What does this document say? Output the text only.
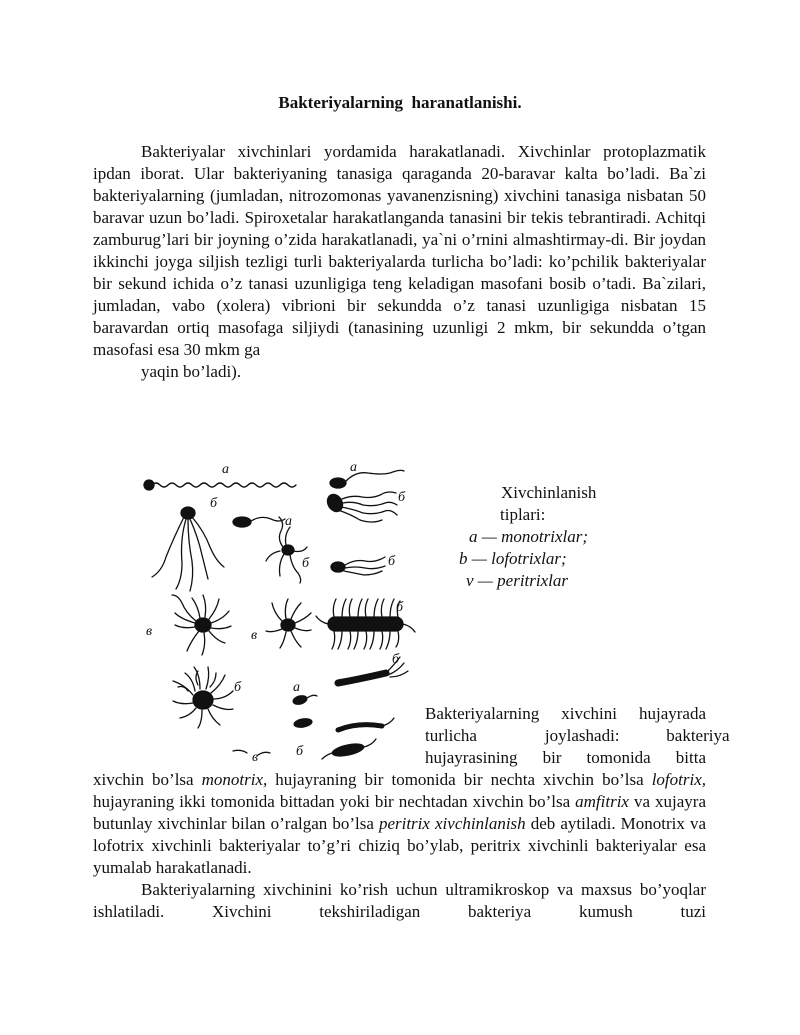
Bakteriyalarning  haranatlanishi.

Bakteriyalar xivchinlari yordamida harakatlanadi. Xivchinlar protoplazmatik ipdan iborat. Ular bakteriyaning tanasiga qaraganda 20-baravar kalta bo’ladi. Ba`zi bakteriyalarning (jumladan, nitrozomonas yavanenzisning) xivchini tanasiga nisbatan 50 baravar uzun bo’ladi. Spiroxetalar harakatlanganda tanasini bir tekis tebrantiradi. Achitqi zamburug’lari bir joyning o’zida harakatlanadi, ya`ni o’rnini almashtirmay-di. Bir joydan ikkinchi joyga siljish tezligi turli bakteriyalarda turlicha bo’ladi: ko’pchilik bakteriyalar bir sekund ichida o’z tanasi uzunligiga teng keladigan masofani bosib o’tadi. Ba`zilari, jumladan, vabo (xolera) vibrioni bir sekundda o’z tanasi uzunligiga nisbatan 15 baravardan ortiq masofaga siljiydi (tanasining uzunligi 2 mkm, bir sekundda o’tgan masofasi esa 30 mkm ga
yaqin bo’ladi).

a	a
б	б
a
б	б
б
в	в
б
б
а
б
в
Xivchinlanish
tiplari:
a — monotrixlar;
b — lofotrixlar;
v — peritrixlar
Bakteriyalarning xivchini hujayrada
turlicha                joylashadi:           bakteriya
hujayrasining   bir   tomonida   bitta

xivchin bo’lsa monotrix, hujayraning bir tomonida bir nechta xivchin bo’lsa lofotrix, hujayraning ikki tomonida bittadan yoki bir nechtadan xivchin bo’lsa amfitrix va xujayra butunlay xivchinlar bilan o’ralgan bo’lsa peritrix xivchinlanish deb aytiladi. Monotrix va lofotrix xivchinli bakteriyalar to’g’ri chiziq bo’ylab, peritrix xivchinli bakteriyalar esa yumalab harakatlanadi.

Bakteriyalarning xivchinini ko’rish uchun ultramikroskop va maxsus bo’yoqlar ishlatiladi. Xivchini tekshiriladigan bakteriya kumush tuzi
